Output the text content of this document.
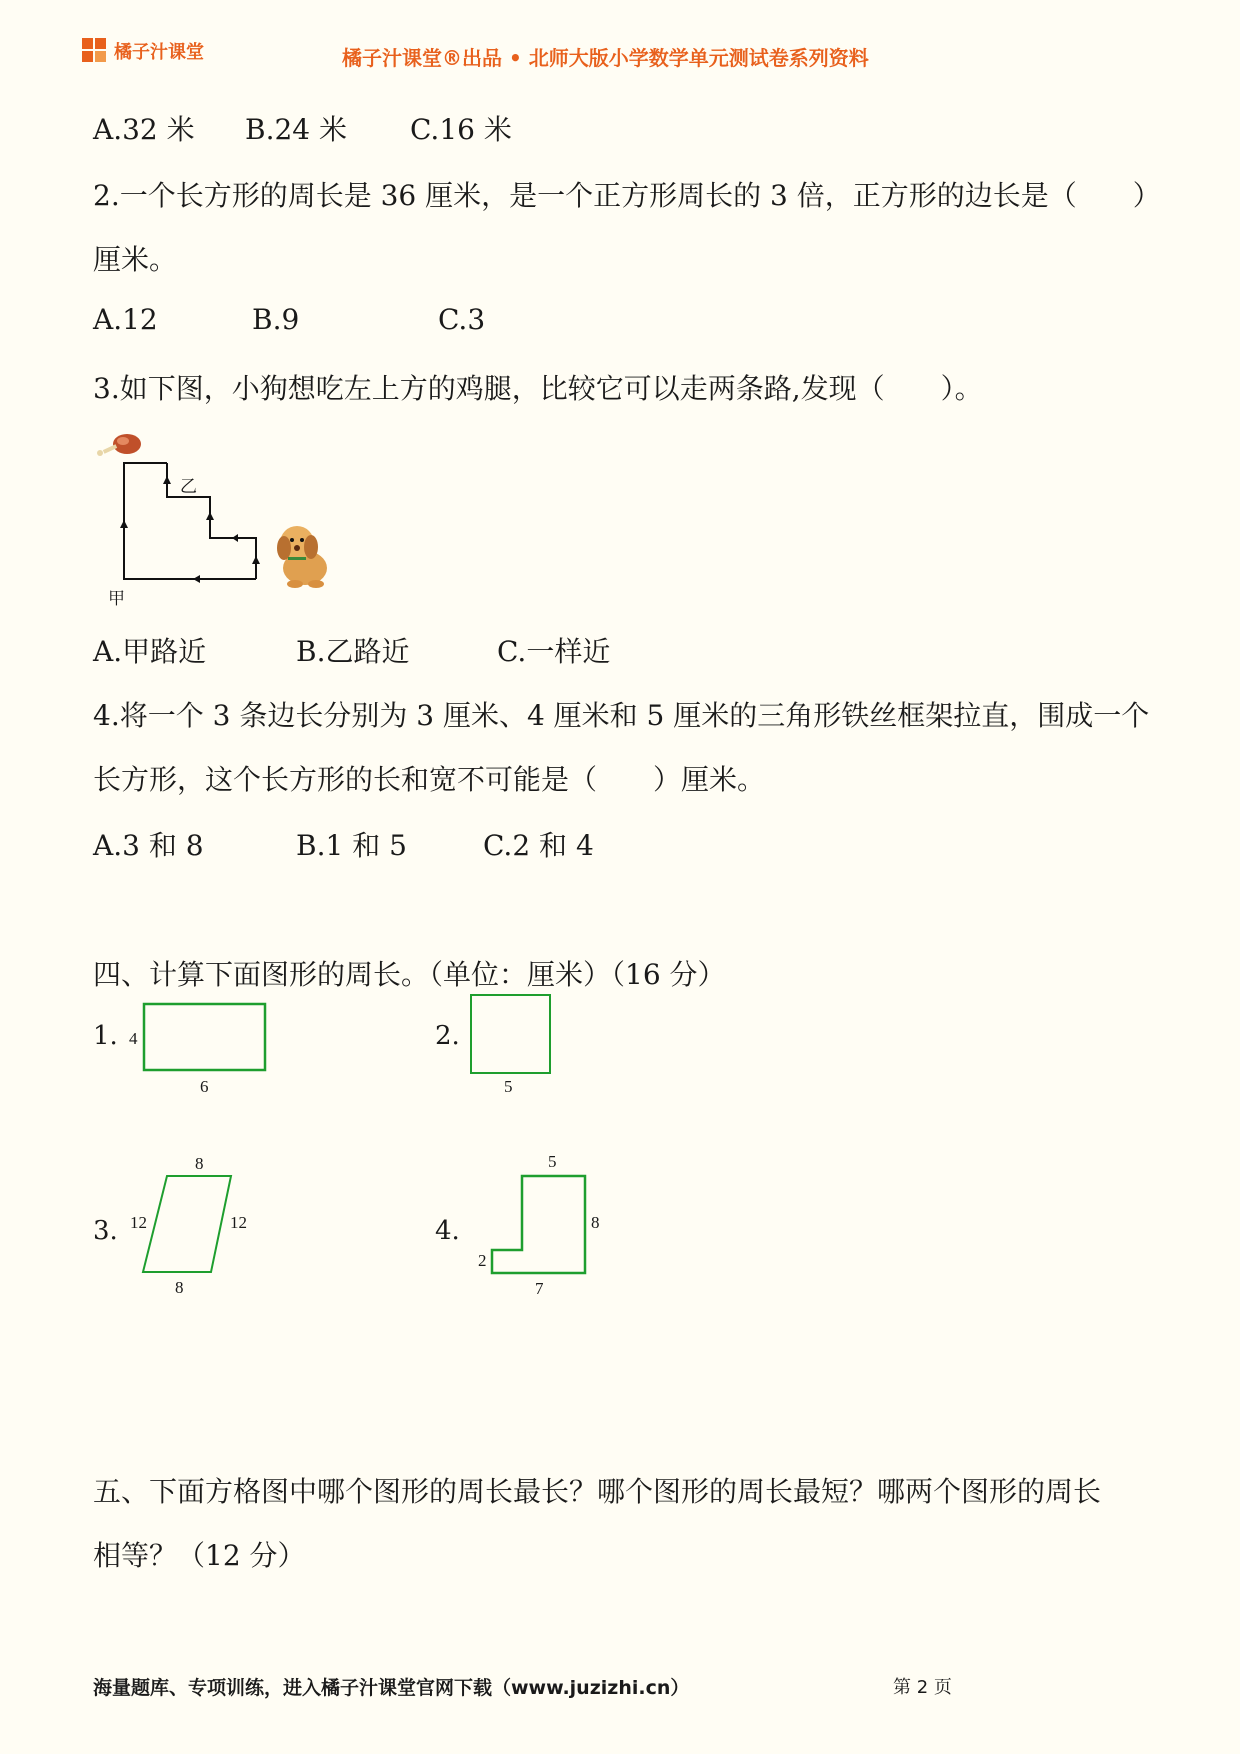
橘子汁课堂	橘子汁课堂®出品 • 北师大版小学数学单元测试卷系列资料
A.32 米 B.24 米 C.16 米
2.一个长方形的周长是 36 厘米，是一个正方形周长的 3 倍，正方形的边长是（　　）
厘米。
A.12	B.9	C.3
3.如下图，小狗想吃左上方的鸡腿，比较它可以走两条路,发现（　　）。
乙
甲
A.甲路近	B.乙路近	C.一样近
4.将一个 3 条边长分别为 3 厘米、4 厘米和 5 厘米的三角形铁丝框架拉直，围成一个
长方形，这个长方形的长和宽不可能是（　　）厘米。
A.3 和 8	B.1 和 5	C.2 和 4
四、计算下面图形的周长。（单位：厘米）（16 分）
1. 4
6
2.
5
3.
8
12	12
8
4.
5
8
2
7
五、下面方格图中哪个图形的周长最长？哪个图形的周长最短？哪两个图形的周长
相等？（12 分）
海量题库、专项训练，进入橘子汁课堂官网下载（www.juzizhi.cn）	第 2 页
